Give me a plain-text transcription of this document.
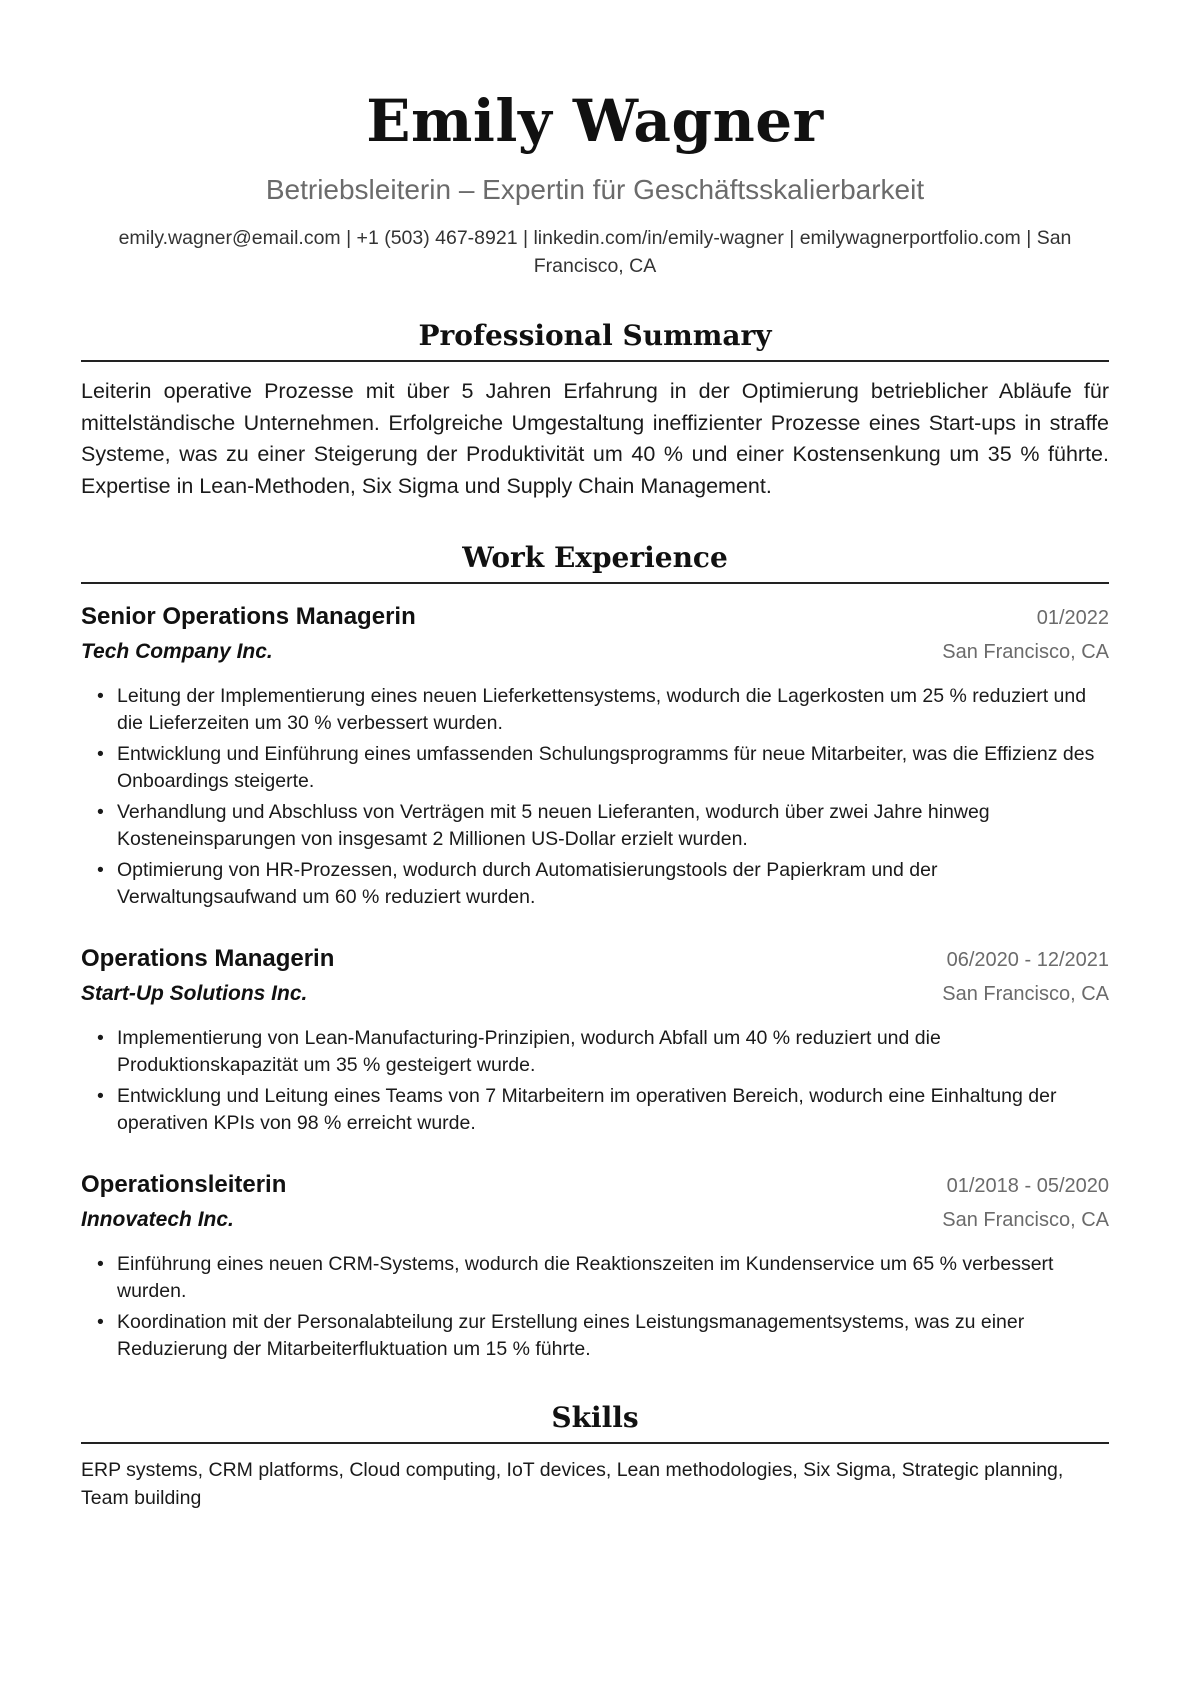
Emily Wagner
Betriebsleiterin – Expertin für Geschäftsskalierbarkeit
emily.wagner@email.com | +1 (503) 467-8921 | linkedin.com/in/emily-wagner | emilywagnerportfolio.com | San Francisco, CA
Professional Summary
Leiterin operative Prozesse mit über 5 Jahren Erfahrung in der Optimierung betrieblicher Abläufe für mittelständische Unternehmen. Erfolgreiche Umgestaltung ineffizienter Prozesse eines Start-ups in straffe Systeme, was zu einer Steigerung der Produktivität um 40 % und einer Kostensenkung um 35 % führte. Expertise in Lean-Methoden, Six Sigma und Supply Chain Management.
Work Experience
Senior Operations Managerin	01/2022
Tech Company Inc.	San Francisco, CA
• Leitung der Implementierung eines neuen Lieferkettensystems, wodurch die Lagerkosten um 25 % reduziert und die Lieferzeiten um 30 % verbessert wurden.
• Entwicklung und Einführung eines umfassenden Schulungsprogramms für neue Mitarbeiter, was die Effizienz des Onboardings steigerte.
• Verhandlung und Abschluss von Verträgen mit 5 neuen Lieferanten, wodurch über zwei Jahre hinweg Kosteneinsparungen von insgesamt 2 Millionen US-Dollar erzielt wurden.
• Optimierung von HR-Prozessen, wodurch durch Automatisierungstools der Papierkram und der Verwaltungsaufwand um 60 % reduziert wurden.
Operations Managerin	06/2020 - 12/2021
Start-Up Solutions Inc.	San Francisco, CA
• Implementierung von Lean-Manufacturing-Prinzipien, wodurch Abfall um 40 % reduziert und die Produktionskapazität um 35 % gesteigert wurde.
• Entwicklung und Leitung eines Teams von 7 Mitarbeitern im operativen Bereich, wodurch eine Einhaltung der operativen KPIs von 98 % erreicht wurde.
Operationsleiterin	01/2018 - 05/2020
Innovatech Inc.	San Francisco, CA
• Einführung eines neuen CRM-Systems, wodurch die Reaktionszeiten im Kundenservice um 65 % verbessert wurden.
• Koordination mit der Personalabteilung zur Erstellung eines Leistungsmanagementsystems, was zu einer Reduzierung der Mitarbeiterfluktuation um 15 % führte.
Skills
ERP systems, CRM platforms, Cloud computing, IoT devices, Lean methodologies, Six Sigma, Strategic planning, Team building
